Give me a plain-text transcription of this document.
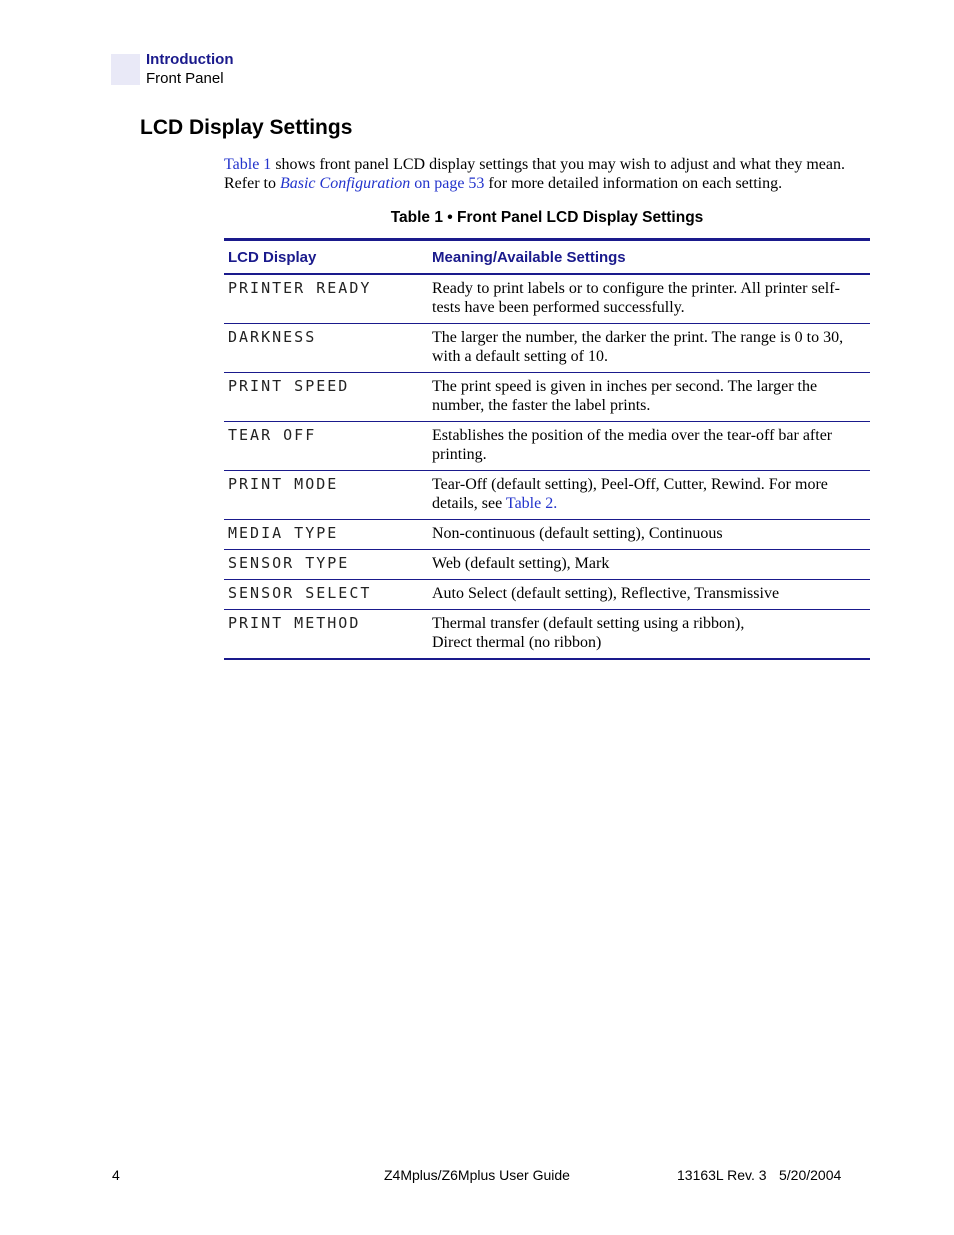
Introduction
Front Panel
LCD Display Settings

Table 1 shows front panel LCD display settings that you may wish to adjust and what they mean. Refer to Basic Configuration on page 53 for more detailed information on each setting.

Table 1 • Front Panel LCD Display Settings
LCD Display	Meaning/Available Settings
PRINTER READY	Ready to print labels or to configure the printer. All printer self-tests have been performed successfully.
DARKNESS	The larger the number, the darker the print. The range is 0 to 30, with a default setting of 10.
PRINT SPEED	The print speed is given in inches per second. The larger the number, the faster the label prints.
TEAR OFF	Establishes the position of the media over the tear-off bar after printing.
PRINT MODE	Tear-Off (default setting), Peel-Off, Cutter, Rewind. For more details, see Table 2.
MEDIA TYPE	Non-continuous (default setting), Continuous
SENSOR TYPE	Web (default setting), Mark
SENSOR SELECT	Auto Select (default setting), Reflective, Transmissive
PRINT METHOD	Thermal transfer (default setting using a ribbon),
Direct thermal (no ribbon)
4	Z4Mplus/Z6Mplus User Guide	13163L Rev. 3 5/20/2004
